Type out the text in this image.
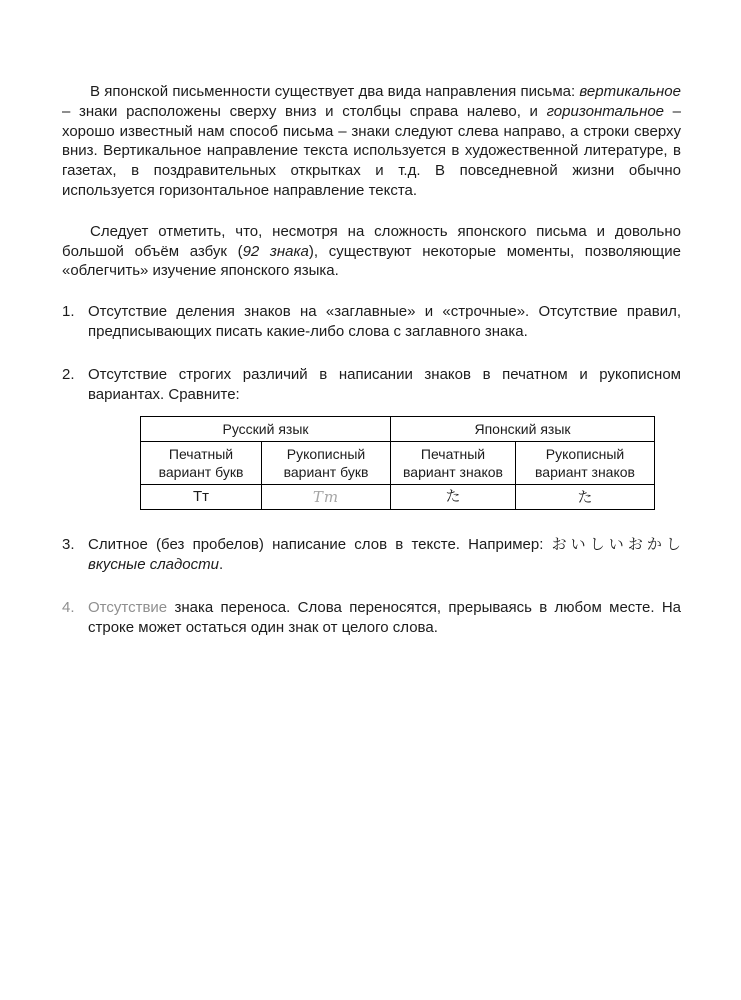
В японской письменности существует два вида направления письма: вертикальное – знаки расположены сверху вниз и столбцы справа налево, и горизонтальное – хорошо известный нам способ письма – знаки следуют слева направо, а строки сверху вниз. Вертикальное направление текста используется в художественной литературе, в газетах, в поздравительных открытках и т.д. В повседневной жизни обычно используется горизонтальное направление текста.

Следует отметить, что, несмотря на сложность японского письма и довольно большой объём азбук (92 знака), существуют некоторые моменты, позволяющие «облегчить» изучение японского языка.

1. Отсутствие деления знаков на «заглавные» и «строчные». Отсутствие правил, предписывающих писать какие-либо слова с заглавного знака.
2. Отсутствие строгих различий в написании знаков в печатном и рукописном вариантах. Сравните:
Русский язык		Японский язык	
Печатный вариант букв	Рукописный вариант букв	Печатный вариант знаков	Рукописный вариант знаков
Тт	Тт	た	た
3. Слитное (без пробелов) написание слов в тексте. Например: おいしいおかし вкусные сладости.
4. Отсутствие знака переноса. Слова переносятся, прерываясь в любом месте. На строке может остаться один знак от целого слова.
